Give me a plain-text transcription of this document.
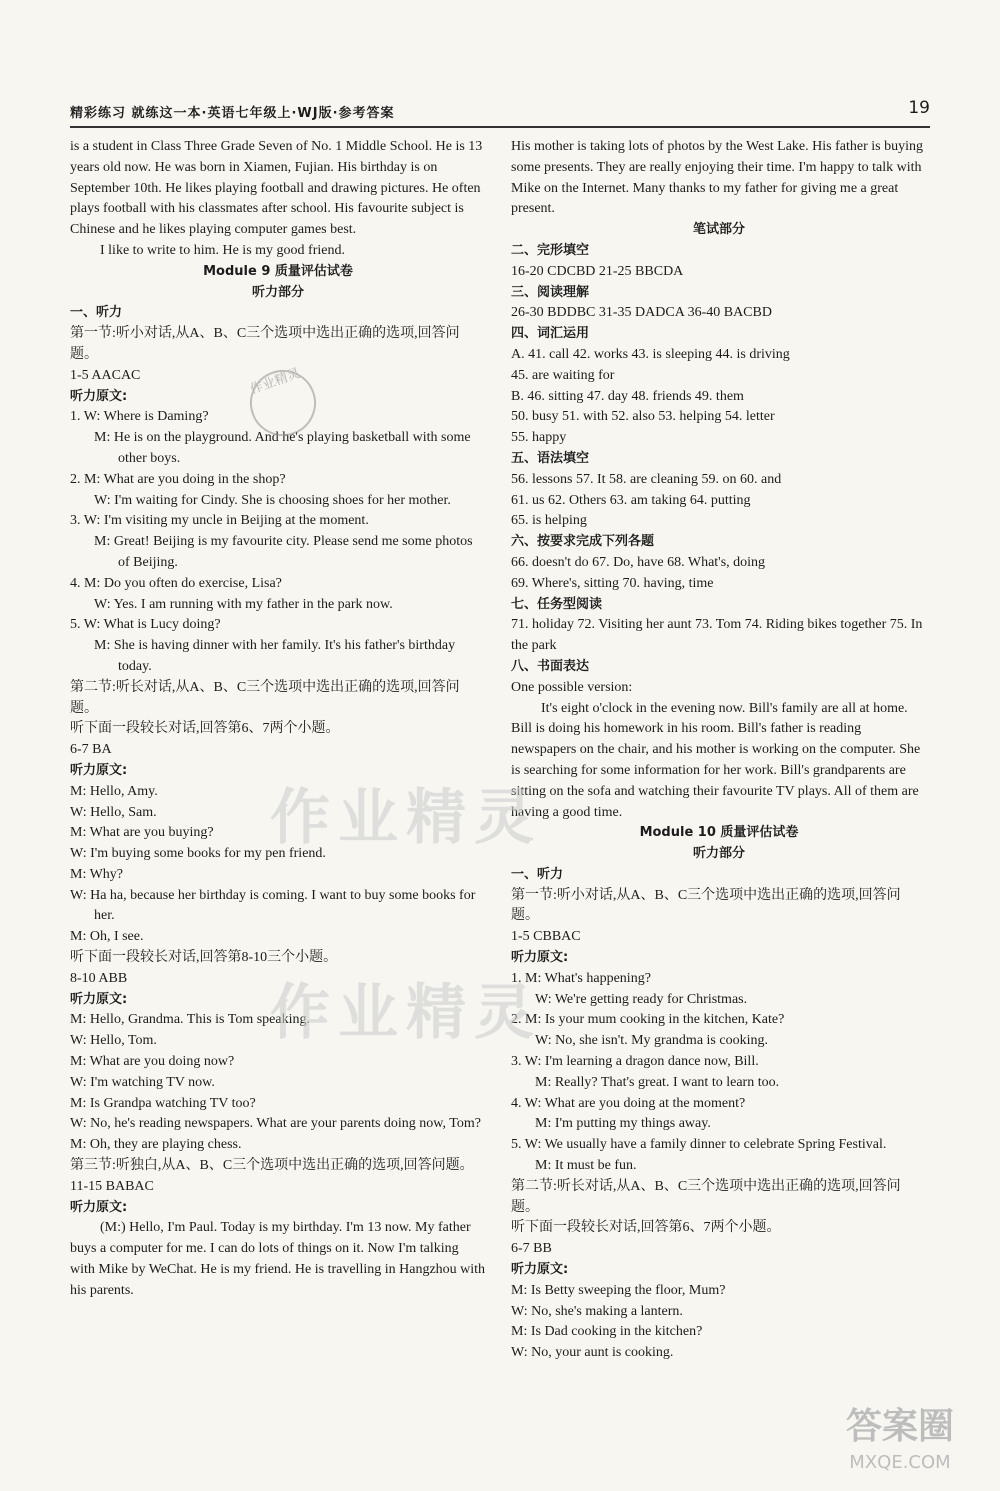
精彩练习 就练这一本·英语七年级上·WJ版·参考答案	19

is a student in Class Three Grade Seven of No. 1 Middle School. He is 13 years old now. He was born in Xiamen, Fujian. His birthday is on September 10th. He likes playing football and drawing pictures. He often plays football with his classmates after school. His favourite subject is Chinese and he likes playing computer games best.

I like to write to him. He is my good friend.

Module 9 质量评估试卷

听力部分

一、听力

第一节:听小对话,从A、B、C三个选项中选出正确的选项,回答问题。

1-5 AACAC

听力原文:

1. W: Where is Daming?

M: He is on the playground. And he's playing basketball with some other boys.

2. M: What are you doing in the shop?

W: I'm waiting for Cindy. She is choosing shoes for her mother.

3. W: I'm visiting my uncle in Beijing at the moment.

M: Great! Beijing is my favourite city. Please send me some photos of Beijing.

4. M: Do you often do exercise, Lisa?

W: Yes. I am running with my father in the park now.

5. W: What is Lucy doing?

M: She is having dinner with her family. It's his father's birthday today.

第二节:听长对话,从A、B、C三个选项中选出正确的选项,回答问题。

听下面一段较长对话,回答第6、7两个小题。

6-7 BA

听力原文:

M: Hello, Amy.

W: Hello, Sam.

M: What are you buying?

W: I'm buying some books for my pen friend.

M: Why?

W: Ha ha, because her birthday is coming. I want to buy some books for her.

M: Oh, I see.

听下面一段较长对话,回答第8-10三个小题。

8-10 ABB

听力原文:

M: Hello, Grandma. This is Tom speaking.

W: Hello, Tom.

M: What are you doing now?

W: I'm watching TV now.

M: Is Grandpa watching TV too?

W: No, he's reading newspapers. What are your parents doing now, Tom?

M: Oh, they are playing chess.

第三节:听独白,从A、B、C三个选项中选出正确的选项,回答问题。

11-15 BABAC

听力原文:

(M:) Hello, I'm Paul. Today is my birthday. I'm 13 now. My father buys a computer for me. I can do lots of things on it. Now I'm talking with Mike by WeChat. He is my friend. He is travelling in Hangzhou with his parents.

His mother is taking lots of photos by the West Lake. His father is buying some presents. They are really enjoying their time. I'm happy to talk with Mike on the Internet. Many thanks to my father for giving me a great present.

笔试部分

二、完形填空

16-20 CDCBD 21-25 BBCDA

三、阅读理解

26-30 BDDBC 31-35 DADCA 36-40 BACBD

四、词汇运用

A. 41. call 42. works 43. is sleeping 44. is driving

45. are waiting for

B. 46. sitting 47. day 48. friends 49. them

50. busy 51. with 52. also 53. helping 54. letter

55. happy

五、语法填空

56. lessons 57. It 58. are cleaning 59. on 60. and

61. us 62. Others 63. am taking 64. putting

65. is helping

六、按要求完成下列各题

66. doesn't do 67. Do, have 68. What's, doing

69. Where's, sitting 70. having, time

七、任务型阅读

71. holiday 72. Visiting her aunt 73. Tom 74. Riding bikes together 75. In the park

八、书面表达

One possible version:

It's eight o'clock in the evening now. Bill's family are all at home. Bill is doing his homework in his room. Bill's father is reading newspapers on the chair, and his mother is working on the computer. She is searching for some information for her work. Bill's grandparents are sitting on the sofa and watching their favourite TV plays. All of them are having a good time.

Module 10 质量评估试卷

听力部分

一、听力

第一节:听小对话,从A、B、C三个选项中选出正确的选项,回答问题。

1-5 CBBAC

听力原文:

1. M: What's happening?

W: We're getting ready for Christmas.

2. M: Is your mum cooking in the kitchen, Kate?

W: No, she isn't. My grandma is cooking.

3. W: I'm learning a dragon dance now, Bill.

M: Really? That's great. I want to learn too.

4. W: What are you doing at the moment?

M: I'm putting my things away.

5. W: We usually have a family dinner to celebrate Spring Festival.

M: It must be fun.

第二节:听长对话,从A、B、C三个选项中选出正确的选项,回答问题。

听下面一段较长对话,回答第6、7两个小题。

6-7 BB

听力原文:

M: Is Betty sweeping the floor, Mum?

W: No, she's making a lantern.

M: Is Dad cooking in the kitchen?

W: No, your aunt is cooking.

作业精灵
作业精灵
作业精灵
答案圈
MXQE.COM
